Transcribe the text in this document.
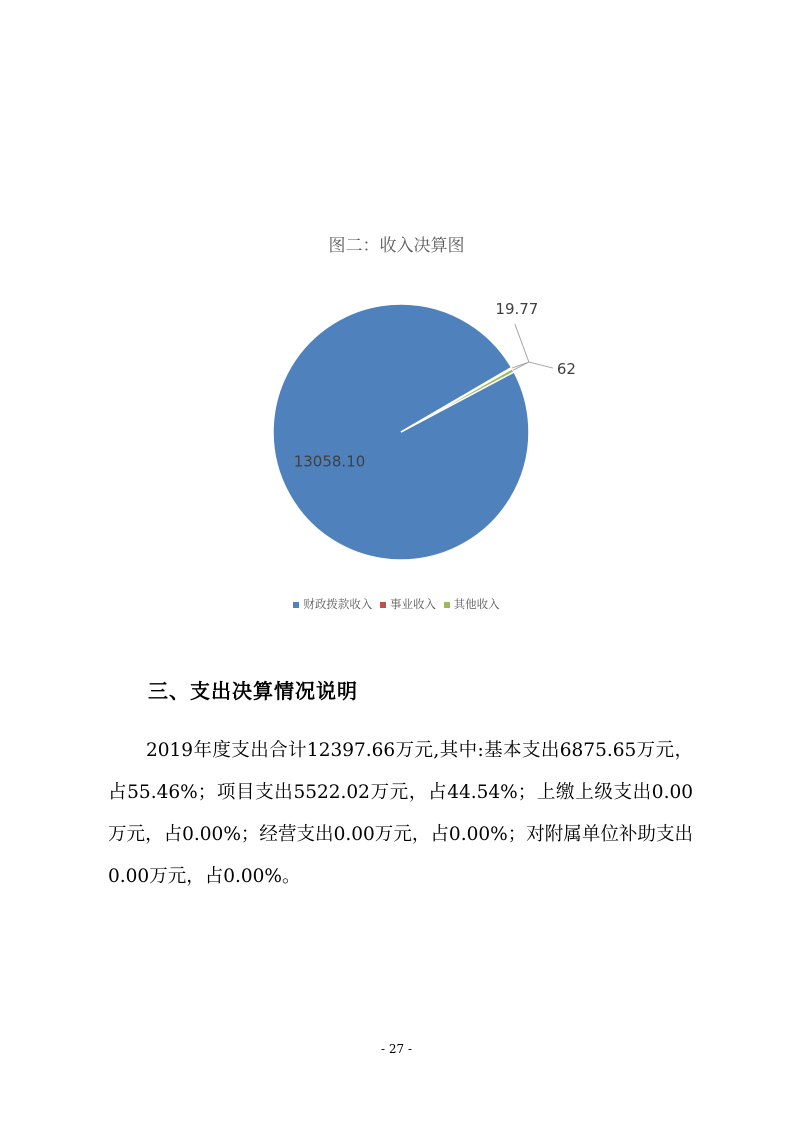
图二：收入决算图
13058.10
19.77
62
财政拨款收入 事业收入 其他收入
三、支出决算情况说明
2019年度支出合计12397.66万元,其中:基本支出6875.65万元，占55.46%；项目支出5522.02万元，占44.54%；上缴上级支出0.00万元，占0.00%；经营支出0.00万元，占0.00%；对附属单位补助支出0.00万元，占0.00%。
- 27 -
